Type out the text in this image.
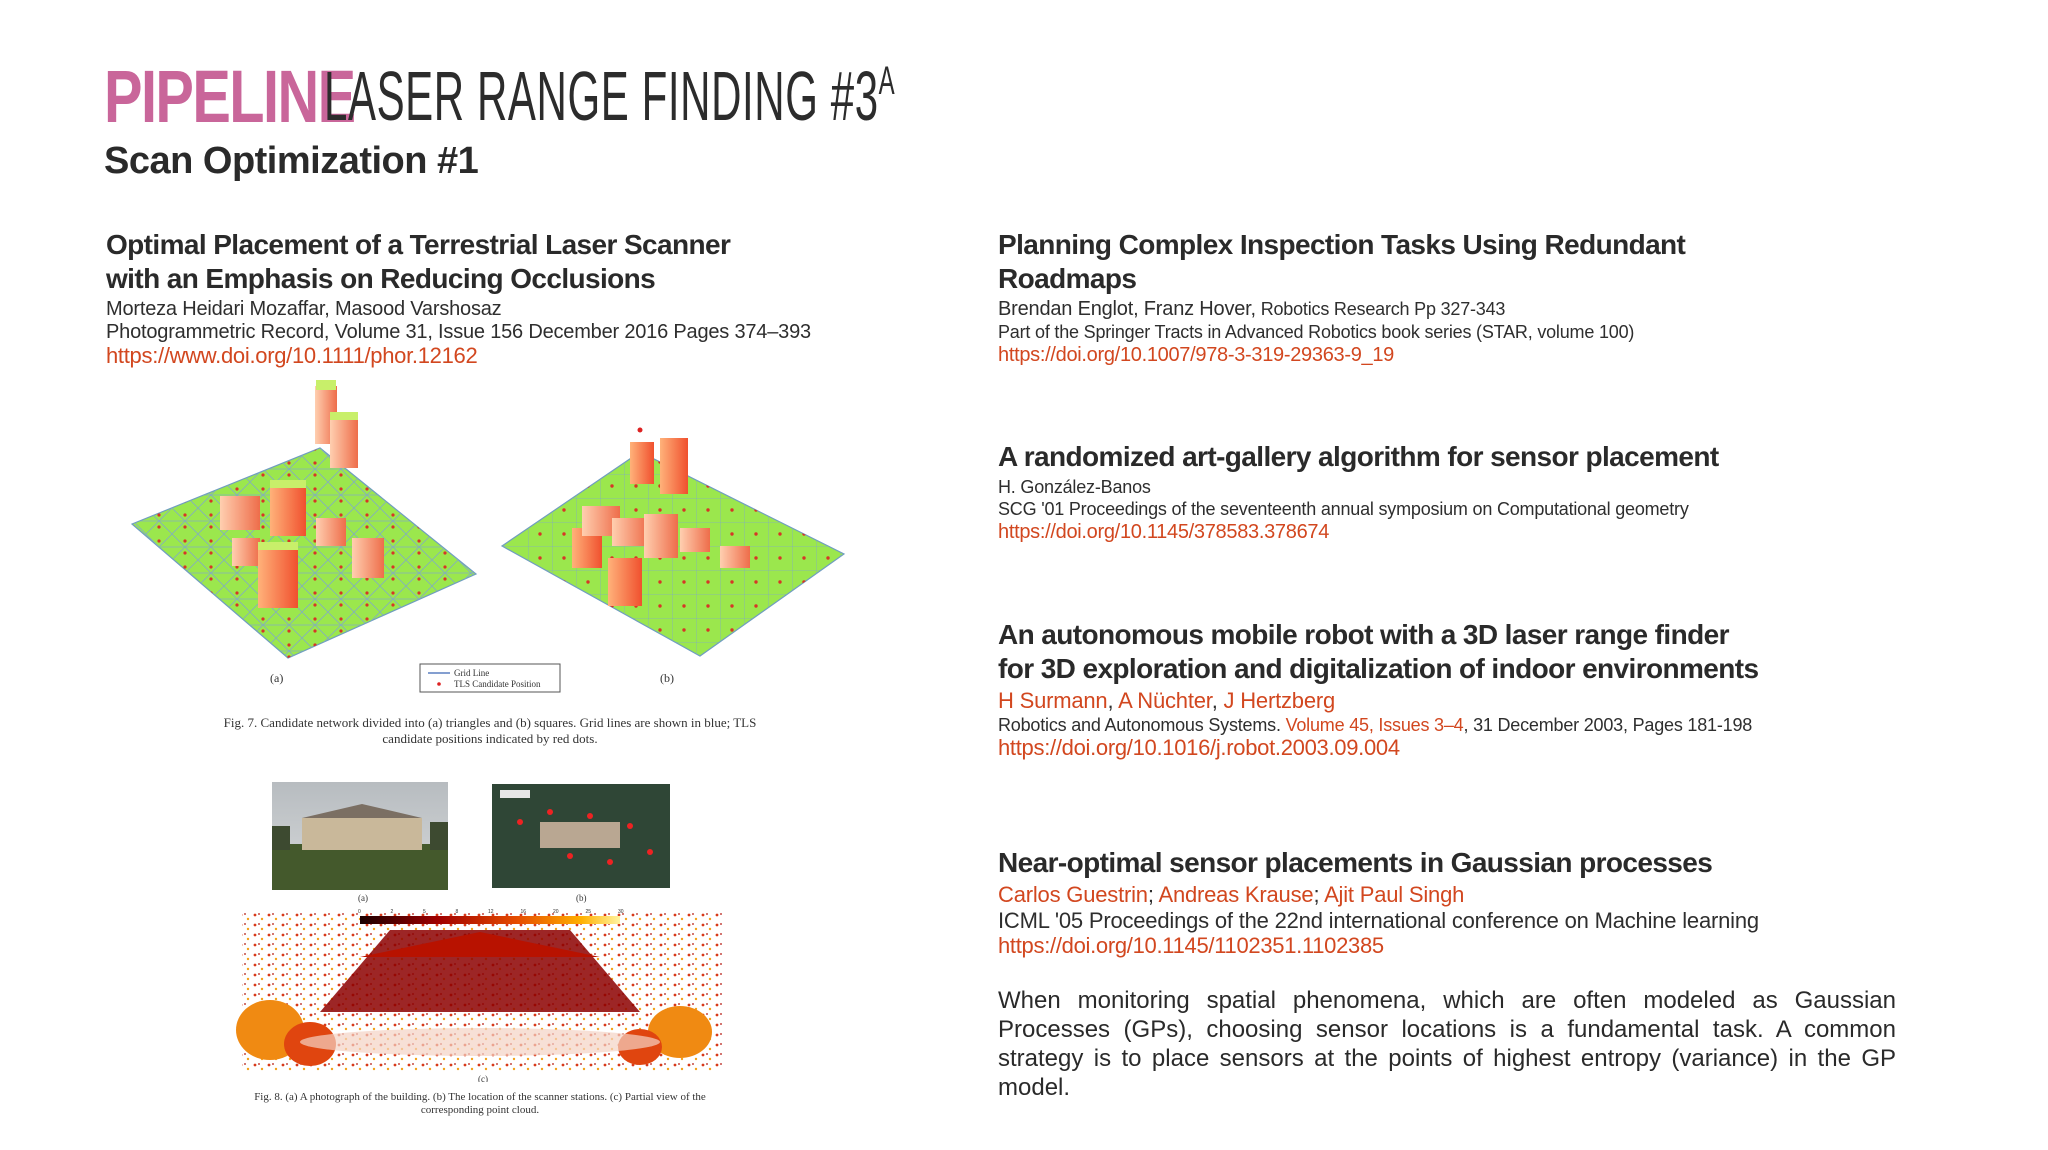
PIPELINE
LASER RANGE FINDING $\#3^A$
Scan Optimization #1
Optimal Placement of a Terrestrial Laser Scanner
with an Emphasis on Reducing Occlusions
Morteza Heidari Mozaffar, Masood Varshosaz
Photogrammetric Record, Volume 31, Issue 156 December 2016 Pages 374–393
https://www.doi.org/10.1111/phor.12162
Grid Line
TLS Candidate Position
(a)	(b)
Fig. 7. Candidate network divided into (a) triangles and (b) squares. Grid lines are shown in blue; TLS
candidate positions indicated by red dots.
(a)	(b)
(c)
0	2	5	8	12	16	20	25	30
Fig. 8. (a) A photograph of the building. (b) The location of the scanner stations. (c) Partial view of the
corresponding point cloud.
Planning Complex Inspection Tasks Using Redundant
Roadmaps
Brendan Englot, Franz Hover, Robotics Research Pp 327-343
Part of the Springer Tracts in Advanced Robotics book series (STAR, volume 100)
https://doi.org/10.1007/978-3-319-29363-9_19
A randomized art-gallery algorithm for sensor placement
H. González-Banos
SCG '01 Proceedings of the seventeenth annual symposium on Computational geometry
https://doi.org/10.1145/378583.378674
An autonomous mobile robot with a 3D laser range finder
for 3D exploration and digitalization of indoor environments
H Surmann, A Nüchter, J Hertzberg
Robotics and Autonomous Systems. Volume 45, Issues 3–4, 31 December 2003, Pages 181-198
https://doi.org/10.1016/j.robot.2003.09.004
Near-optimal sensor placements in Gaussian processes
Carlos Guestrin; Andreas Krause; Ajit Paul Singh
ICML '05 Proceedings of the 22nd international conference on Machine learning
https://doi.org/10.1145/1102351.1102385
When monitoring spatial phenomena, which are often modeled as Gaussian Processes (GPs), choosing sensor locations is a fundamental task. A common strategy is to place sensors at the points of highest entropy (variance) in the GP model.
